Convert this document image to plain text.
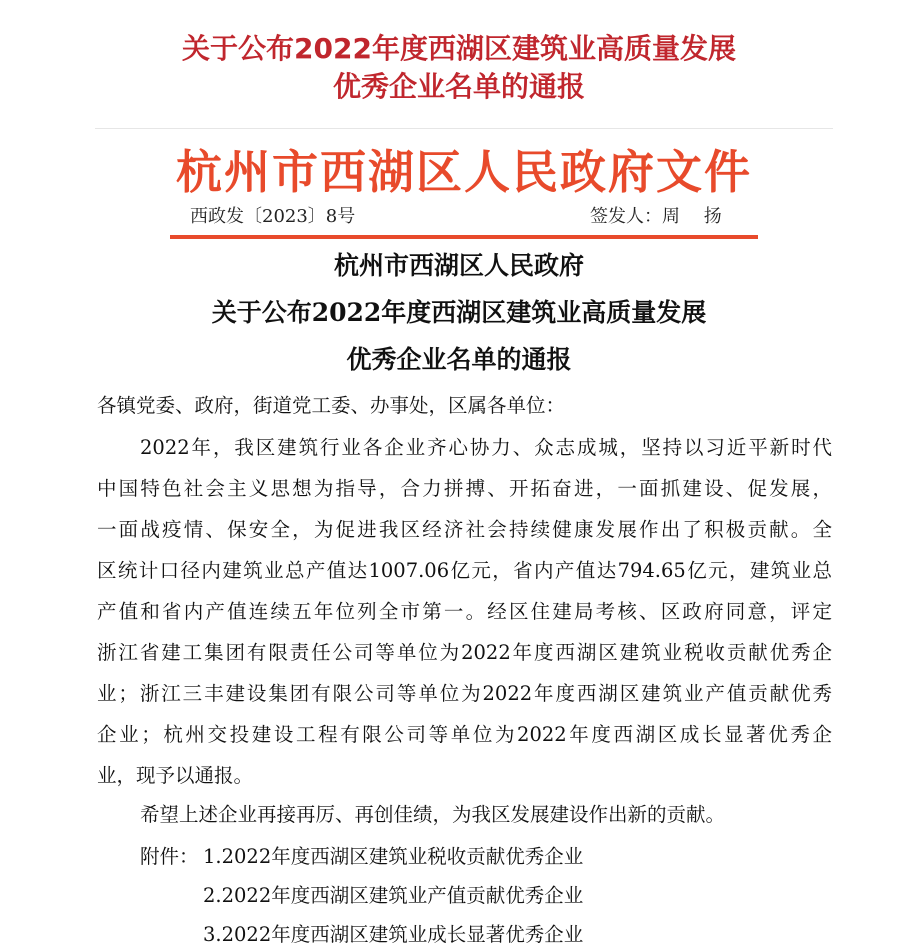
关于公布2022年度西湖区建筑业高质量发展
优秀企业名单的通报
杭州市西湖区人民政府文件
西政发〔2023〕8号	签发人：周 扬
杭州市西湖区人民政府
关于公布2022年度西湖区建筑业高质量发展
优秀企业名单的通报
各镇党委、政府，街道党工委、办事处，区属各单位：
2022年，我区建筑行业各企业齐心协力、众志成城，坚持以习近平新时代
中国特色社会主义思想为指导，合力拼搏、开拓奋进，一面抓建设、促发展，
一面战疫情、保安全，为促进我区经济社会持续健康发展作出了积极贡献。全
区统计口径内建筑业总产值达1007.06亿元，省内产值达794.65亿元，建筑业总
产值和省内产值连续五年位列全市第一。经区住建局考核、区政府同意，评定
浙江省建工集团有限责任公司等单位为2022年度西湖区建筑业税收贡献优秀企
业；浙江三丰建设集团有限公司等单位为2022年度西湖区建筑业产值贡献优秀
企业；杭州交投建设工程有限公司等单位为2022年度西湖区成长显著优秀企
业，现予以通报。
希望上述企业再接再厉、再创佳绩，为我区发展建设作出新的贡献。
附件： 1.2022年度西湖区建筑业税收贡献优秀企业
2.2022年度西湖区建筑业产值贡献优秀企业
3.2022年度西湖区建筑业成长显著优秀企业
